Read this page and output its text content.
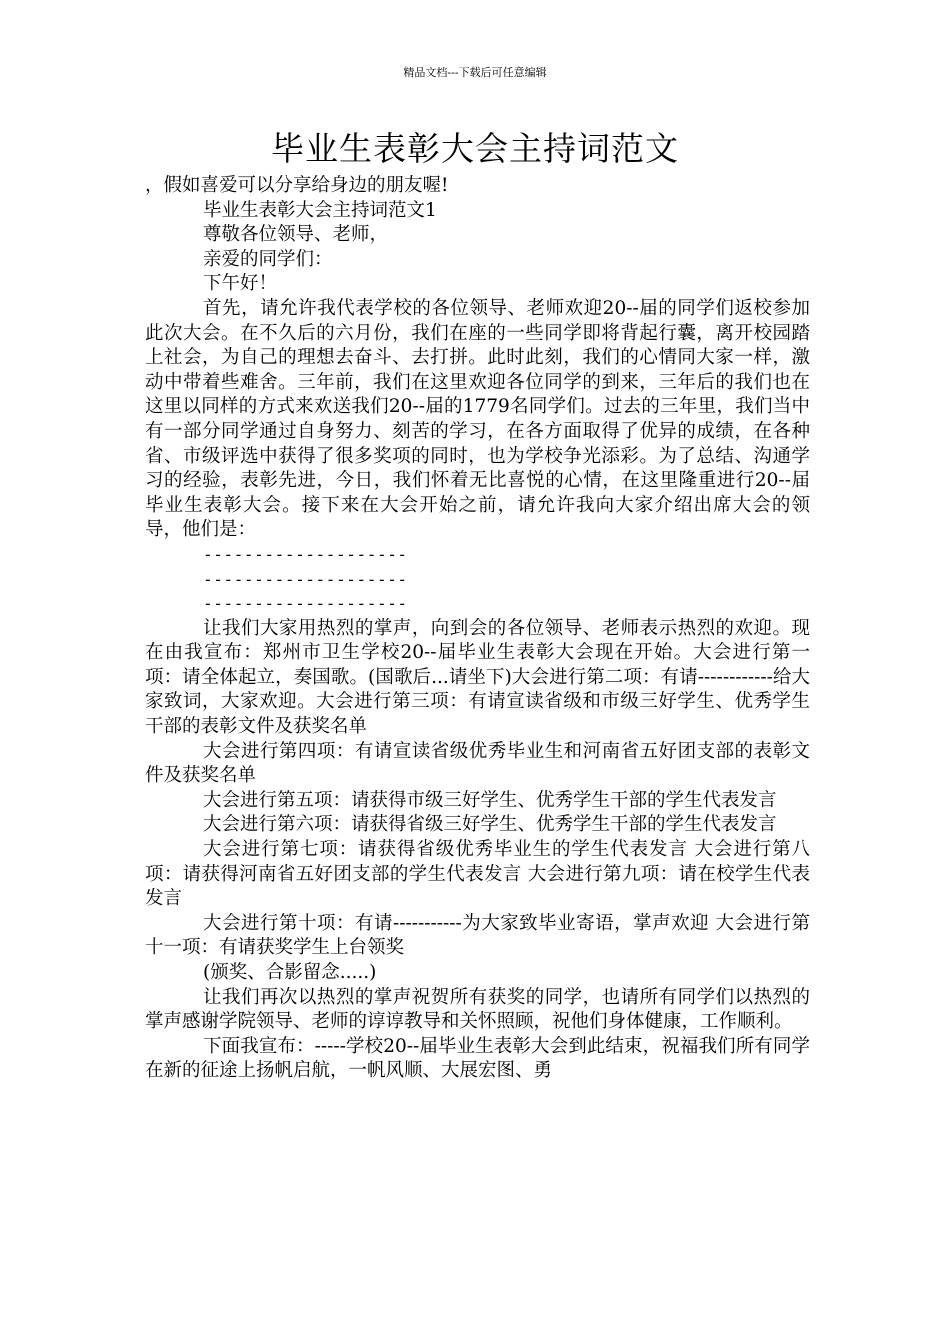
精品文档---下载后可任意编辑
毕业生表彰大会主持词范文

，假如喜爱可以分享给身边的朋友喔!

毕业生表彰大会主持词范文1

尊敬各位领导、老师，

亲爱的同学们：

下午好！

首先，请允许我代表学校的各位领导、老师欢迎20--届的同学们返校参加此次大会。在不久后的六月份，我们在座的一些同学即将背起行囊，离开校园踏上社会，为自己的理想去奋斗、去打拼。此时此刻，我们的心情同大家一样，激动中带着些难舍。三年前，我们在这里欢迎各位同学的到来，三年后的我们也在这里以同样的方式来欢送我们20--届的1779名同学们。过去的三年里，我们当中有一部分同学通过自身努力、刻苦的学习，在各方面取得了优异的成绩，在各种省、市级评选中获得了很多奖项的同时，也为学校争光添彩。为了总结、沟通学习的经验，表彰先进，今日，我们怀着无比喜悦的心情，在这里隆重进行20--届毕业生表彰大会。接下来在大会开始之前，请允许我向大家介绍出席大会的领导，他们是：

--------------------

--------------------

--------------------

让我们大家用热烈的掌声，向到会的各位领导、老师表示热烈的欢迎。现在由我宣布：郑州市卫生学校20--届毕业生表彰大会现在开始。大会进行第一项：请全体起立，奏国歌。(国歌后...请坐下)大会进行第二项：有请------------给大家致词，大家欢迎。大会进行第三项：有请宣读省级和市级三好学生、优秀学生干部的表彰文件及获奖名单

大会进行第四项：有请宣读省级优秀毕业生和河南省五好团支部的表彰文件及获奖名单

大会进行第五项：请获得市级三好学生、优秀学生干部的学生代表发言

大会进行第六项：请获得省级三好学生、优秀学生干部的学生代表发言

大会进行第七项：请获得省级优秀毕业生的学生代表发言 大会进行第八项：请获得河南省五好团支部的学生代表发言 大会进行第九项：请在校学生代表发言

大会进行第十项：有请-----------为大家致毕业寄语，掌声欢迎 大会进行第十一项：有请获奖学生上台领奖

(颁奖、合影留念.....)

让我们再次以热烈的掌声祝贺所有获奖的同学，也请所有同学们以热烈的掌声感谢学院领导、老师的谆谆教导和关怀照顾，祝他们身体健康，工作顺利。

下面我宣布：-----学校20--届毕业生表彰大会到此结束，祝福我们所有同学在新的征途上扬帆启航，一帆风顺、大展宏图、勇
